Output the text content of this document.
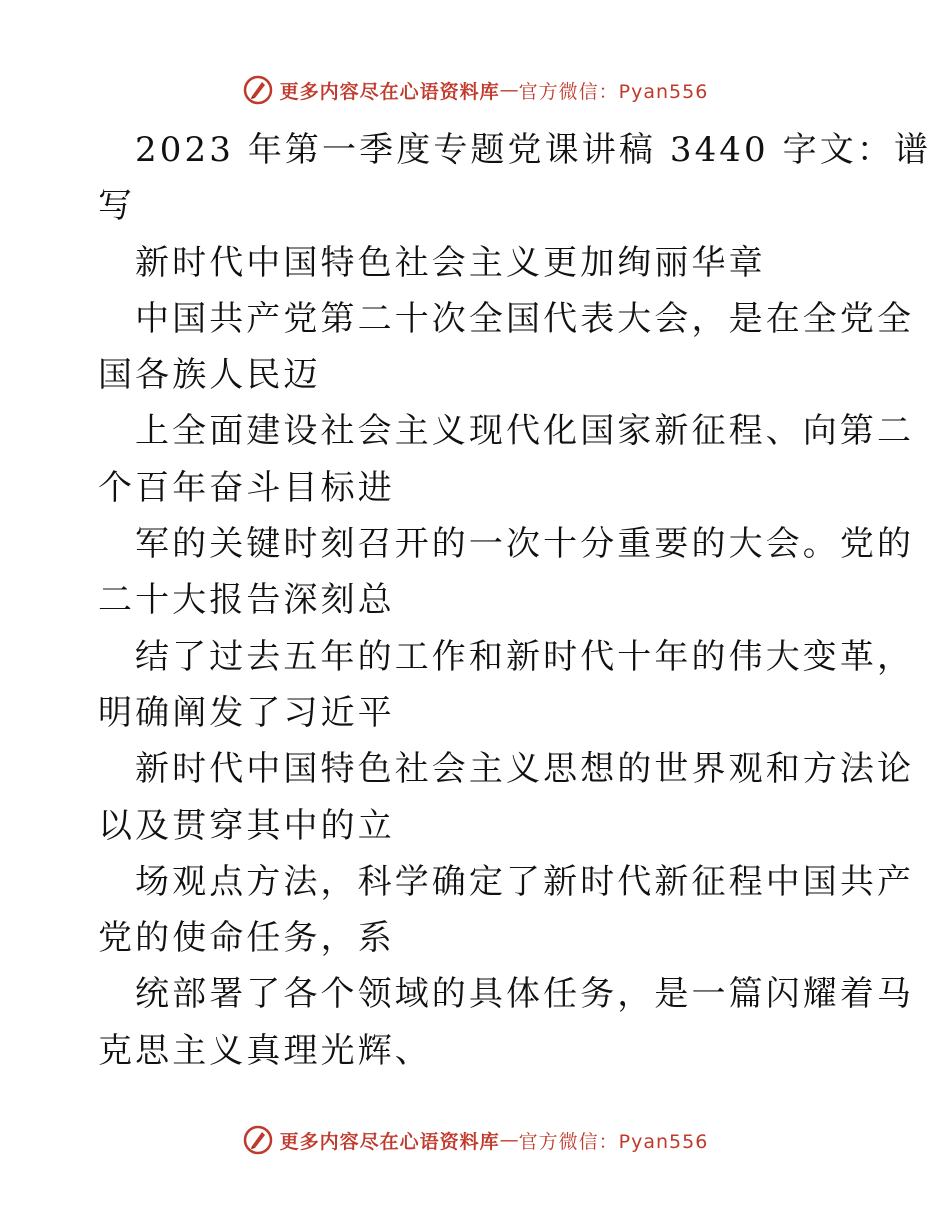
更多内容尽在心语资料库 — 官方微信：Pyan556
2023 年第一季度专题党课讲稿 3440 字文：谱
写
新时代中国特色社会主义更加绚丽华章
中国共产党第二十次全国代表大会，是在全党全
国各族人民迈
上全面建设社会主义现代化国家新征程、向第二
个百年奋斗目标进
军的关键时刻召开的一次十分重要的大会。党的
二十大报告深刻总
结了过去五年的工作和新时代十年的伟大变革，
明确阐发了习近平
新时代中国特色社会主义思想的世界观和方法论
以及贯穿其中的立
场观点方法，科学确定了新时代新征程中国共产
党的使命任务，系
统部署了各个领域的具体任务，是一篇闪耀着马
克思主义真理光辉、
更多内容尽在心语资料库 — 官方微信：Pyan556
